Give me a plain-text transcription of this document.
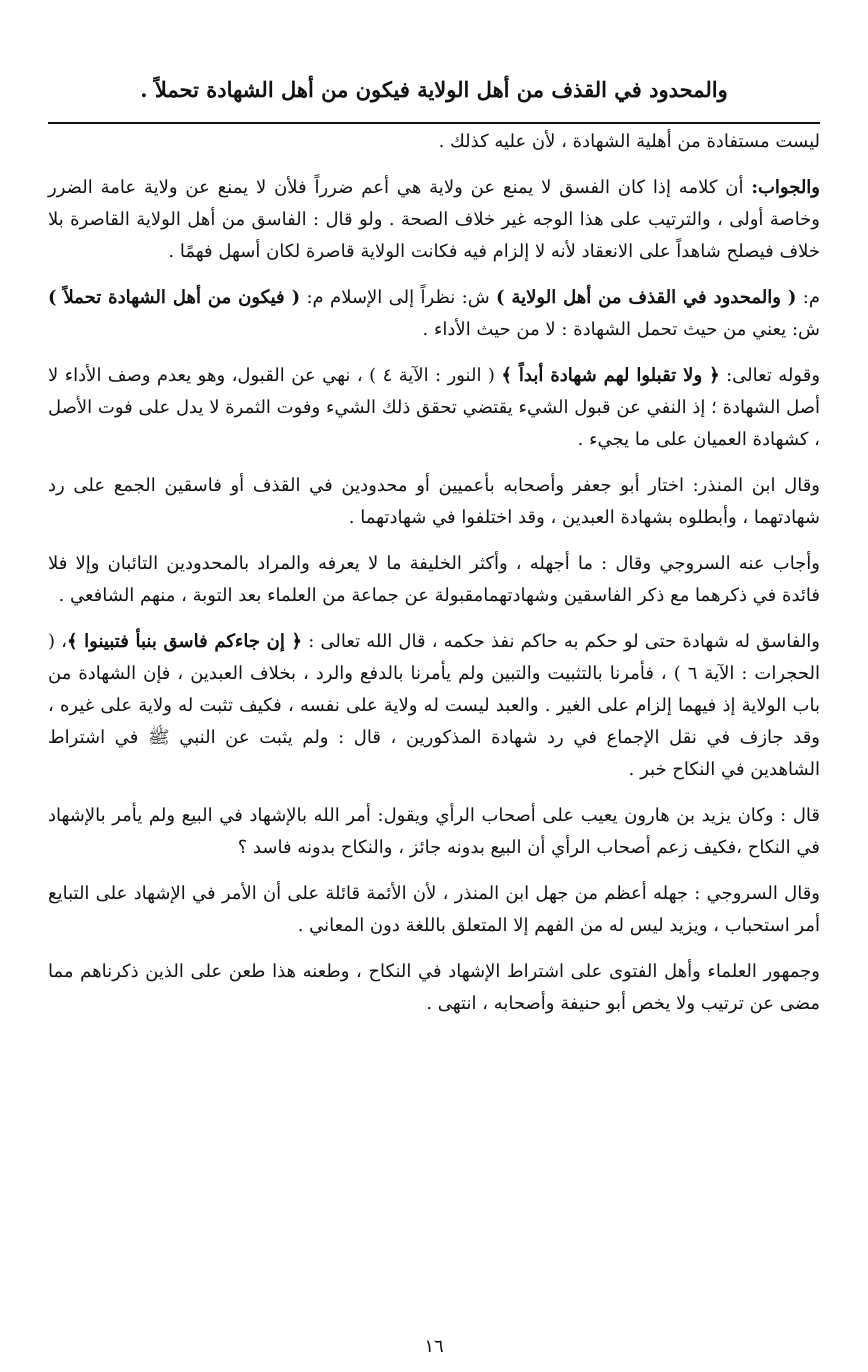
والمحدود في القذف من أهل الولاية فيكون من أهل الشهادة تحملاً .

ليست مستفادة من أهلية الشهادة ، لأن عليه كذلك .

والجواب: أن كلامه إذا كان الفسق لا يمنع عن ولاية هي أعم ضرراً فلأن لا يمنع عن ولاية عامة الضرر وخاصة أولى ، والترتيب على هذا الوجه غير خلاف الصحة . ولو قال : الفاسق من أهل الولاية القاصرة بلا خلاف فيصلح شاهداً على الانعقاد لأنه لا إلزام فيه فكانت الولاية قاصرة لكان أسهل فهمًا .

م: ( والمحدود في القذف من أهل الولاية ) ش: نظراً إلى الإسلام م: ( فيكون من أهل الشهادة تحملاً ) ش: يعني من حيث تحمل الشهادة : لا من حيث الأداء .

وقوله تعالى: ﴿ ولا تقبلوا لهم شهادة أبداً ﴾ ( النور : الآية ٤ ) ، نهي عن القبول، وهو يعدم وصف الأداء لا أصل الشهادة ؛ إذ النفي عن قبول الشيء يقتضي تحقق ذلك الشيء وفوت الثمرة لا يدل على فوت الأصل ، كشهادة العميان على ما يجيء .

وقال ابن المنذر: اختار أبو جعفر وأصحابه بأعميين أو محدودين في القذف أو فاسقين الجمع على رد شهادتهما ، وأبطلوه بشهادة العبدين ، وقد اختلفوا في شهادتهما .

وأجاب عنه السروجي وقال : ما أجهله ، وأكثر الخليفة ما لا يعرفه والمراد بالمحدودين التائبان وإلا فلا فائدة في ذكرهما مع ذكر الفاسقين وشهادتهمامقبولة عن جماعة من العلماء بعد التوبة ، منهم الشافعي .

والفاسق له شهادة حتى لو حكم به حاكم نفذ حكمه ، قال الله تعالى : ﴿ إن جاءكم فاسق بنبأ فتبينوا ﴾، ( الحجرات : الآية ٦ ) ، فأمرنا بالتثبيت والتبين ولم يأمرنا بالدفع والرد ، بخلاف العبدين ، فإن الشهادة من باب الولاية إذ فيهما إلزام على الغير . والعبد ليست له ولاية على نفسه ، فكيف تثبت له ولاية على غيره ، وقد جازف في نقل الإجماع في رد شهادة المذكورين ، قال : ولم يثبت عن النبي ﷺ في اشتراط الشاهدين في النكاح خبر .

قال : وكان يزيد بن هارون يعيب على أصحاب الرأي ويقول: أمر الله بالإشهاد في البيع ولم يأمر بالإشهاد في النكاح ،فكيف زعم أصحاب الرأي أن البيع بدونه جائز ، والنكاح بدونه فاسد ؟

وقال السروجي : جهله أعظم من جهل ابن المنذر ، لأن الأئمة قائلة على أن الأمر في الإشهاد على التبايع أمر استحباب ، ويزيد ليس له من الفهم إلا المتعلق باللغة دون المعاني .

وجمهور العلماء وأهل الفتوى على اشتراط الإشهاد في النكاح ، وطعنه هذا طعن على الذين ذكرناهم مما مضى عن ترتيب ولا يخص أبو حنيفة وأصحابه ، انتهى .

١٦
